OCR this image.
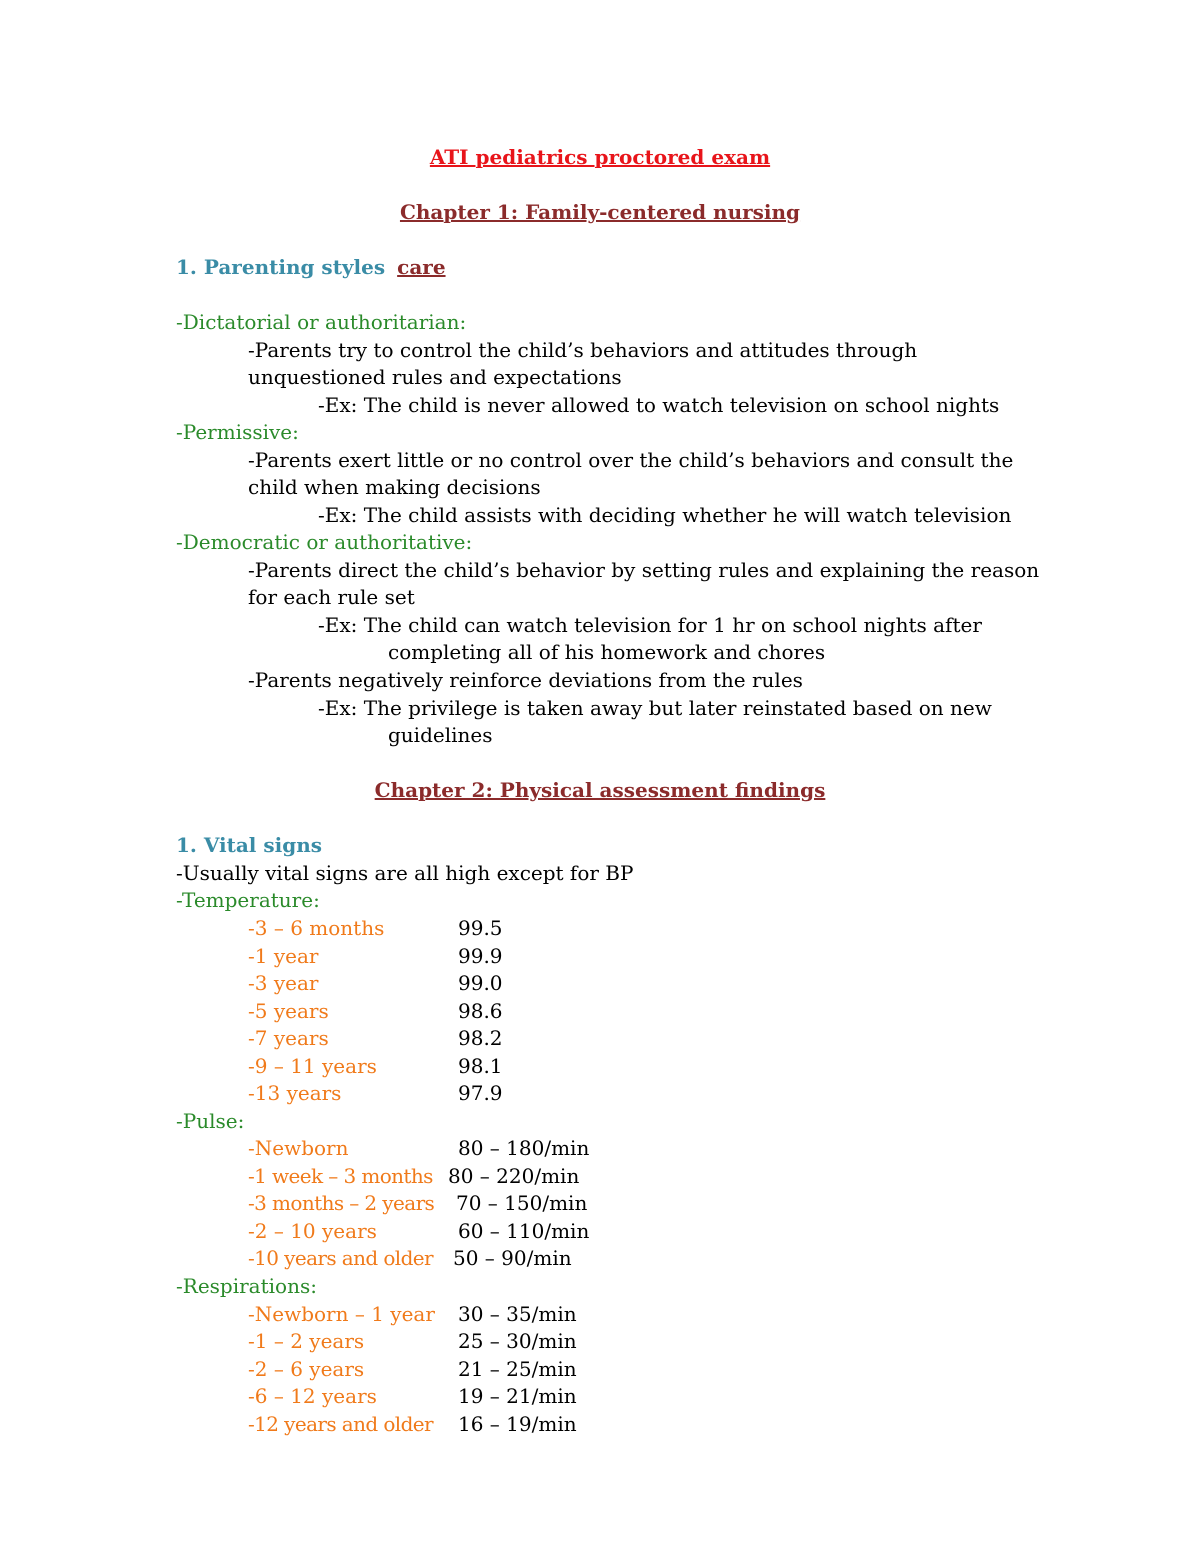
ATI pediatrics proctored exam
Chapter 1: Family-centered nursing
1. Parenting styles care
-Dictatorial or authoritarian:
-Parents try to control the child’s behaviors and attitudes through
unquestioned rules and expectations
-Ex: The child is never allowed to watch television on school nights
-Permissive:
-Parents exert little or no control over the child’s behaviors and consult the
child when making decisions
-Ex: The child assists with deciding whether he will watch television
-Democratic or authoritative:
-Parents direct the child’s behavior by setting rules and explaining the reason
for each rule set
-Ex: The child can watch television for 1 hr on school nights after
completing all of his homework and chores
-Parents negatively reinforce deviations from the rules
-Ex: The privilege is taken away but later reinstated based on new
guidelines
Chapter 2: Physical assessment findings
1. Vital signs
-Usually vital signs are all high except for BP
-Temperature:
-3 – 6 months	99.5
-1 year	99.9
-3 year	99.0
-5 years	98.6
-7 years	98.2
-9 – 11 years	98.1
-13 years	97.9
-Pulse:
-Newborn	80 – 180/min
-1 week – 3 months 80 – 220/min
-3 months – 2 years 70 – 150/min
-2 – 10 years	60 – 110/min
-10 years and older 50 – 90/min
-Respirations:
-Newborn – 1 year 30 – 35/min
-1 – 2 years	25 – 30/min
-2 – 6 years	21 – 25/min
-6 – 12 years	19 – 21/min
-12 years and older 16 – 19/min
